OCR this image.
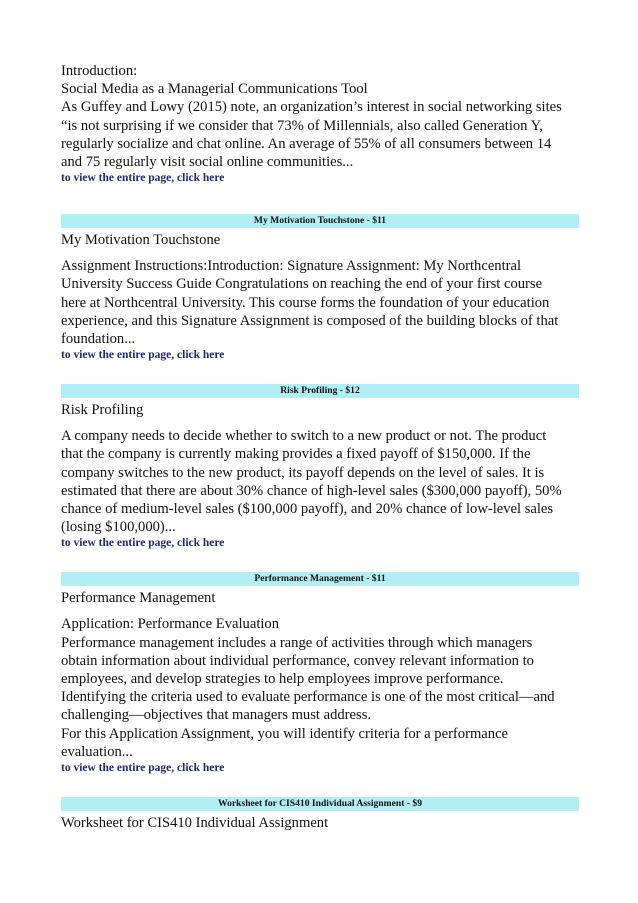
Introduction:
Social Media as a Managerial Communications Tool
As Guffey and Lowy (2015) note, an organization’s interest in social networking sites
“is not surprising if we consider that 73% of Millennials, also called Generation Y,
regularly socialize and chat online. An average of 55% of all consumers between 14
and 75 regularly visit social online communities...

to view the entire page, click here
My Motivation Touchstone - $11

My Motivation Touchstone

Assignment Instructions:Introduction: Signature Assignment: My Northcentral
University Success Guide Congratulations on reaching the end of your first course
here at Northcentral University. This course forms the foundation of your education
experience, and this Signature Assignment is composed of the building blocks of that
foundation...

to view the entire page, click here
Risk Profiling - $12

Risk Profiling

A company needs to decide whether to switch to a new product or not. The product
that the company is currently making provides a fixed payoff of $150,000. If the
company switches to the new product, its payoff depends on the level of sales. It is
estimated that there are about 30% chance of high-level sales ($300,000 payoff), 50%
chance of medium-level sales ($100,000 payoff), and 20% chance of low-level sales
(losing $100,000)...

to view the entire page, click here
Performance Management - $11

Performance Management

Application: Performance Evaluation
Performance management includes a range of activities through which managers
obtain information about individual performance, convey relevant information to
employees, and develop strategies to help employees improve performance.
Identifying the criteria used to evaluate performance is one of the most critical—and
challenging—objectives that managers must address.
For this Application Assignment, you will identify criteria for a performance
evaluation...

to view the entire page, click here
Worksheet for CIS410 Individual Assignment - $9

Worksheet for CIS410 Individual Assignment
